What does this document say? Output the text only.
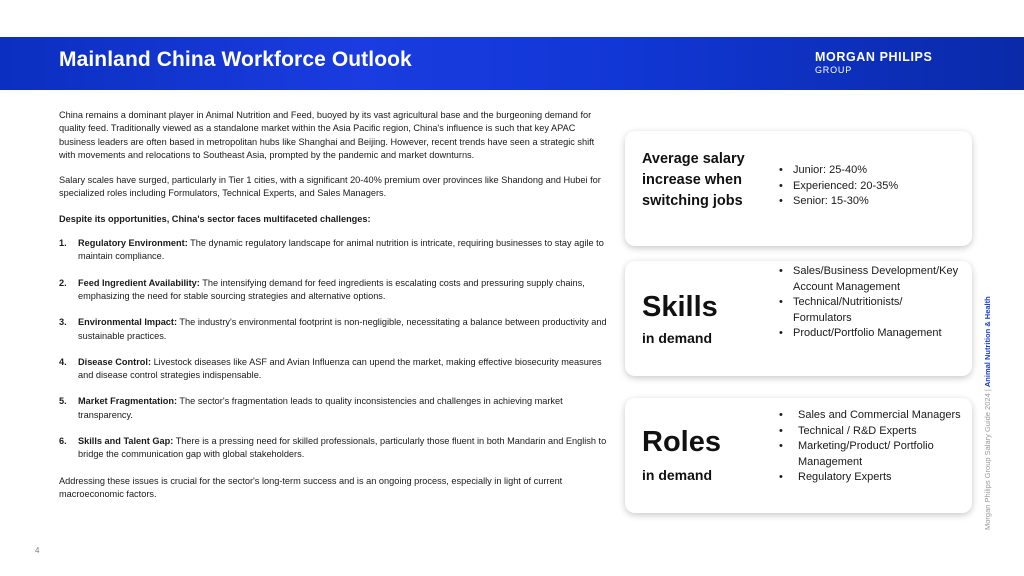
Mainland China Workforce Outlook	MORGAN PHILIPS
GROUP

China remains a dominant player in Animal Nutrition and Feed, buoyed by its vast agricultural base and the burgeoning demand for quality feed. Traditionally viewed as a standalone market within the Asia Pacific region, China's influence is such that key APAC business leaders are often based in metropolitan hubs like Shanghai and Beijing. However, recent trends have seen a strategic shift with movements and relocations to Southeast Asia, prompted by the pandemic and market downturns.

Salary scales have surged, particularly in Tier 1 cities, with a significant 20-40% premium over provinces like Shandong and Hubei for specialized roles including Formulators, Technical Experts, and Sales Managers.

Despite its opportunities, China's sector faces multifaceted challenges:

1. Regulatory Environment: The dynamic regulatory landscape for animal nutrition is intricate, requiring businesses to stay agile to maintain compliance.
2. Feed Ingredient Availability: The intensifying demand for feed ingredients is escalating costs and pressuring supply chains, emphasizing the need for stable sourcing strategies and alternative options.
3. Environmental Impact: The industry's environmental footprint is non-negligible, necessitating a balance between productivity and sustainable practices.
4. Disease Control: Livestock diseases like ASF and Avian Influenza can upend the market, making effective biosecurity measures and disease control strategies indispensable.
5. Market Fragmentation: The sector's fragmentation leads to quality inconsistencies and challenges in achieving market transparency.
6. Skills and Talent Gap: There is a pressing need for skilled professionals, particularly those fluent in both Mandarin and English to bridge the communication gap with global stakeholders.

Addressing these issues is crucial for the sector's long-term success and is an ongoing process, especially in light of current macroeconomic factors.

Average salary increase when switching jobs
• Junior: 25-40%
• Experienced: 20-35%
• Senior: 15-30%
Skills
in demand
• Sales/Business Development/Key Account Management
• Technical/Nutritionists/ Formulators
• Product/Portfolio Management
Roles
in demand
• Sales and Commercial Managers
• Technical / R&D Experts
• Marketing/Product/ Portfolio Management
• Regulatory Experts	Morgan Philips Group Salary Guide 2024 | Animal Nutrition & Health
4
